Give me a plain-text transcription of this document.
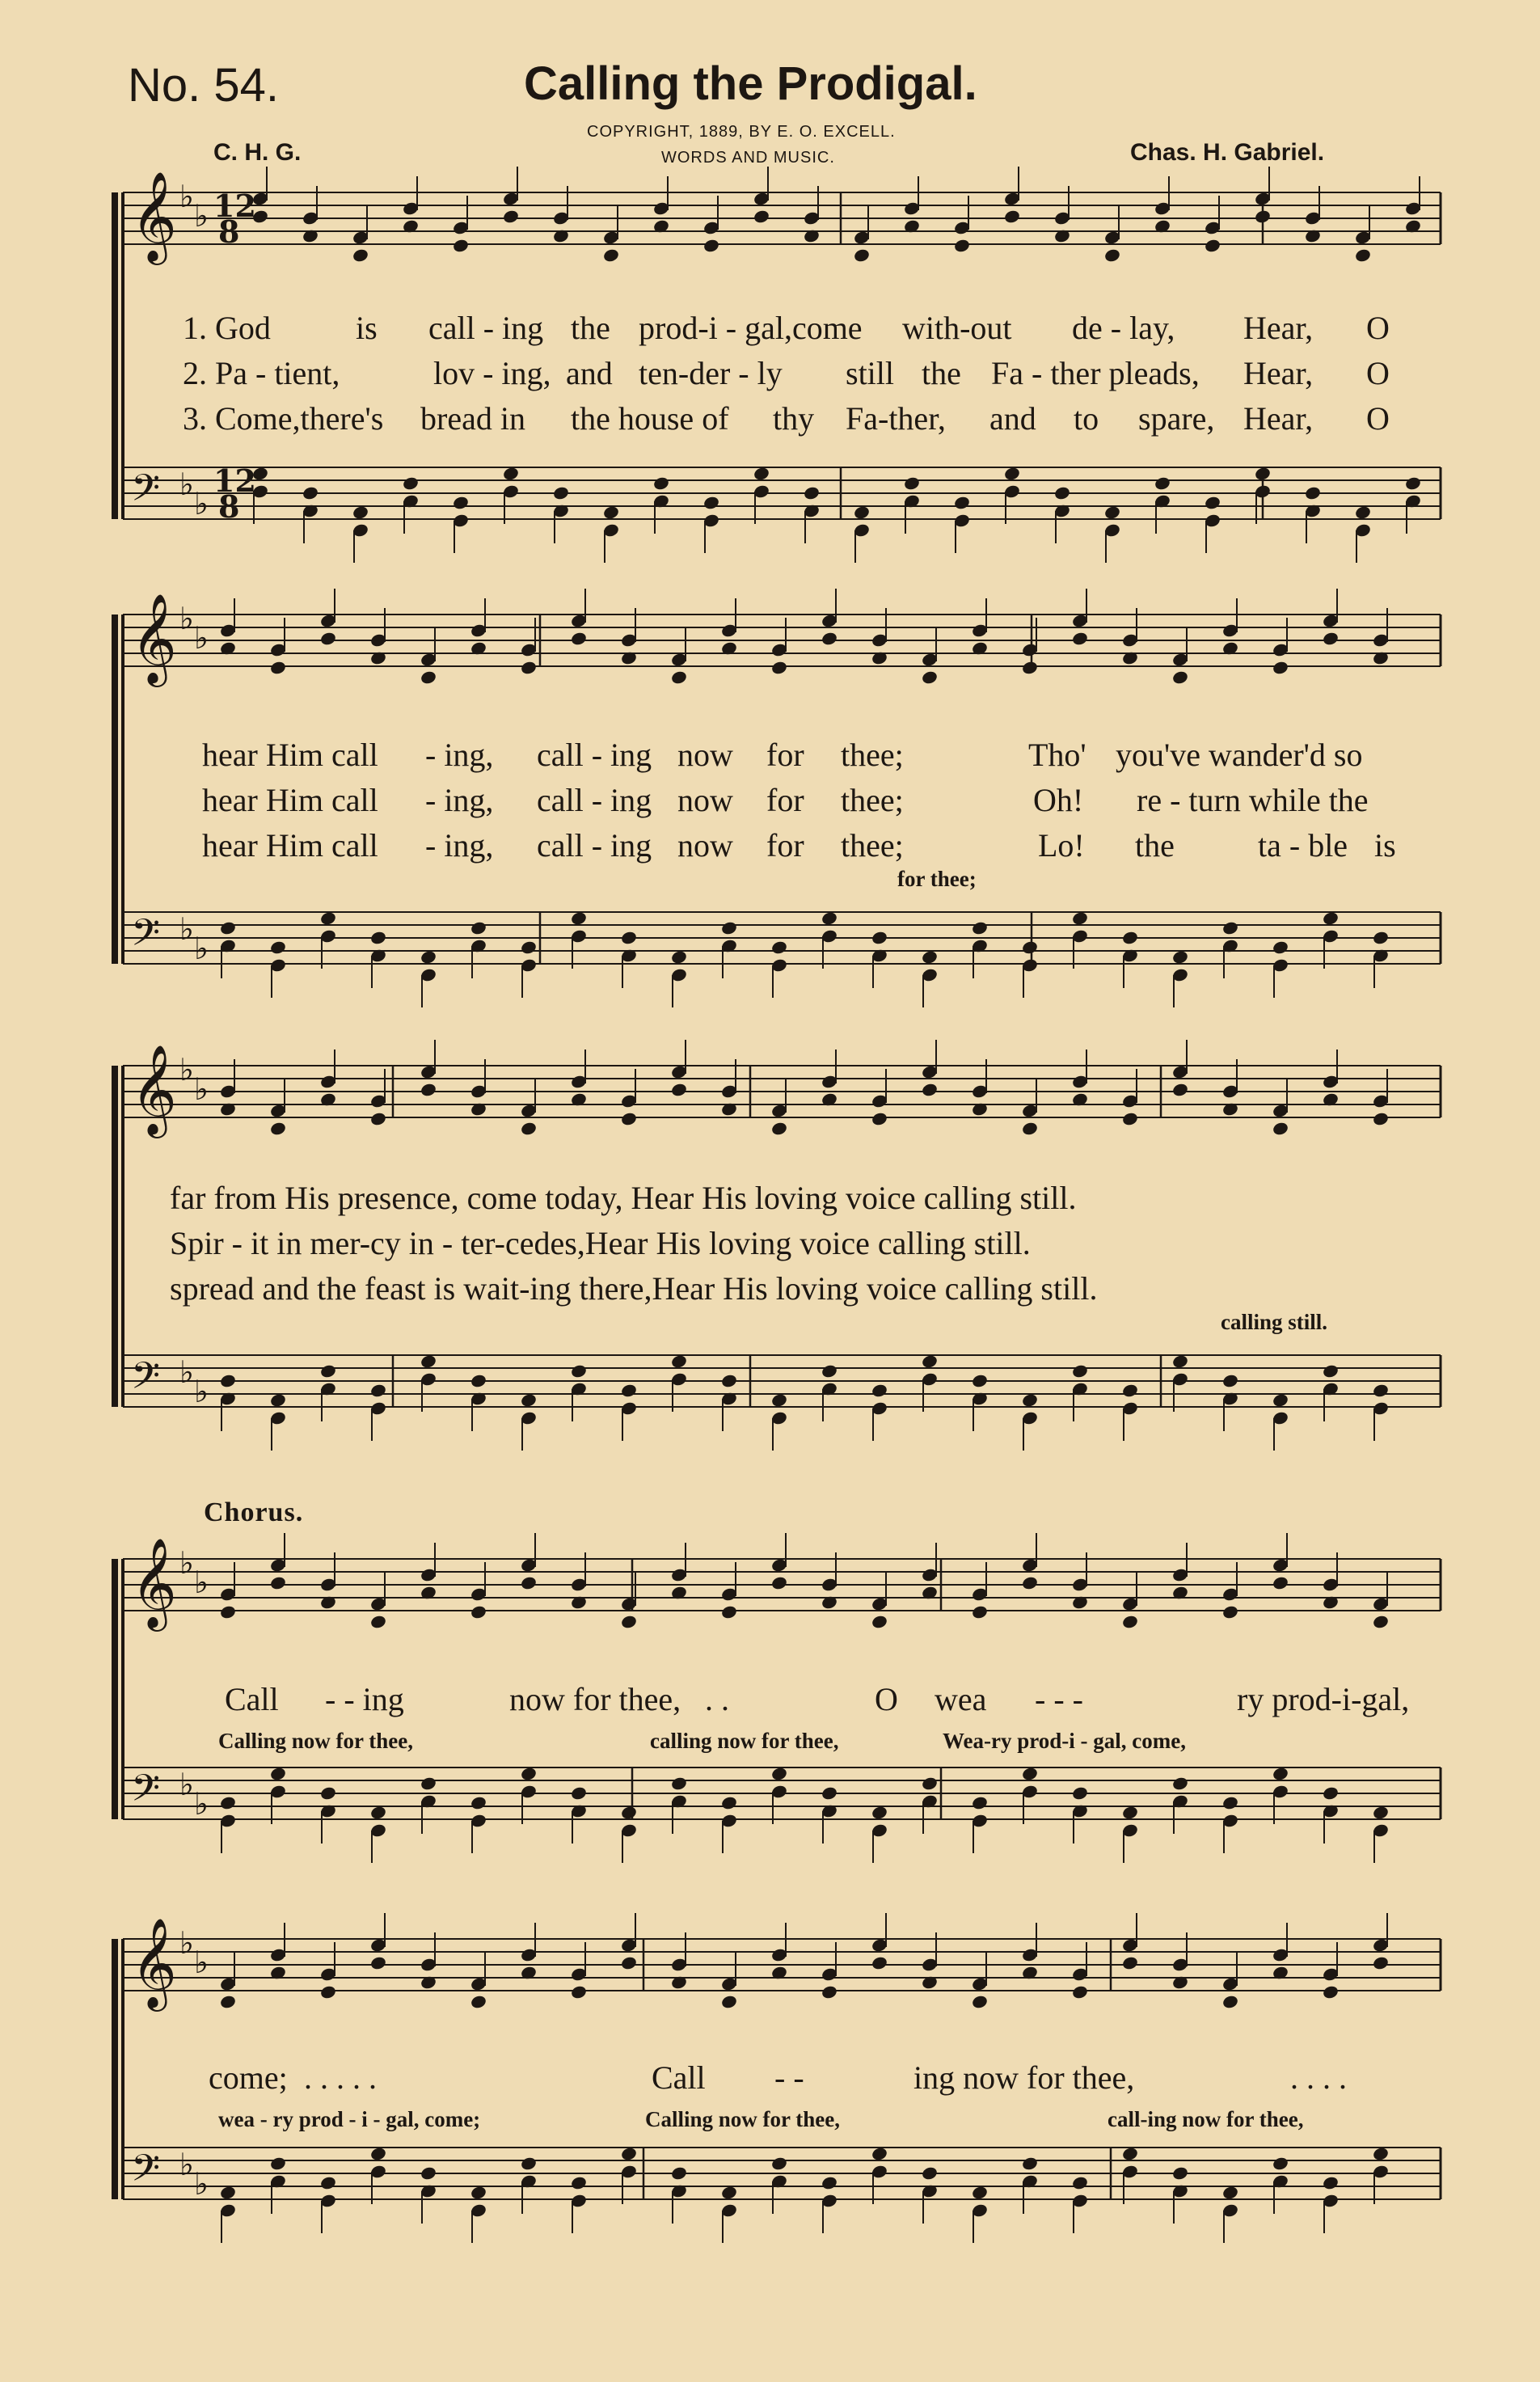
No. 54.	Calling the Prodigal.
COPYRIGHT, 1889, BY E. O. EXCELL.
WORDS AND MUSIC.
C. H. G.	Chas. H. Gabriel.
𝄞 ♭
♭
𝄢 ♭
♭
12
8
12
8
𝄞 ♭
♭
𝄢 ♭
♭
𝄞 ♭
♭
𝄢 ♭
♭
𝄞 ♭
♭
𝄢 ♭
♭
𝄞 ♭
♭
𝄢 ♭
♭
1. God	is call - ing the prod-i - gal,come with-out de - lay, Hear, O
2. Pa - tient,	lov - ing, and ten-der - ly still the Fa - ther pleads, Hear, O
3. Come,there's bread in the house of thy Fa-ther, and to spare, Hear, O
hear Him call - ing, call - ing now for thee;	Tho' you've wander'd so
hear Him call - ing, call - ing now for thee;	Oh! re - turn while the
hear Him call - ing, call - ing now for thee;	Lo! the	ta - ble is
for thee;
far from His presence, come today, Hear His loving voice calling still.
Spir - it in mer-cy in - ter-cedes,Hear His loving voice calling still.
spread and the feast is wait-ing there,Hear His loving voice calling still.
calling still.
Chorus.
Call - - ing	now for thee, . .	O wea - - -	ry prod-i-gal,
Calling now for thee,	calling now for thee,	Wea-ry prod-i - gal, come,
come; . . . . .	Call - -	ing now for thee,	. . . .
wea - ry prod - i - gal, come;	Calling now for thee,	call-ing now for thee,
